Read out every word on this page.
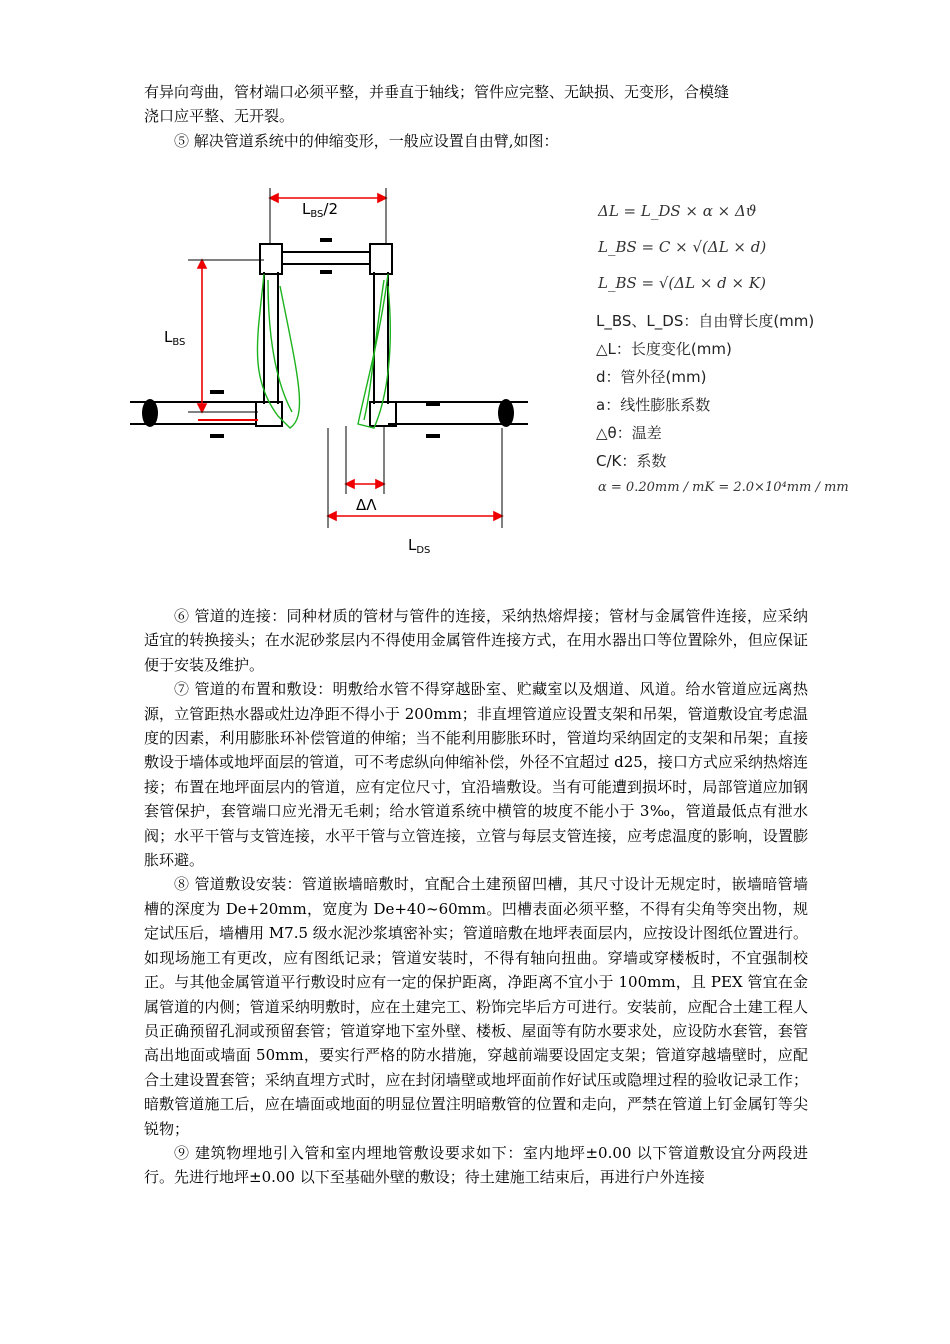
有异向弯曲，管材端口必须平整，并垂直于轴线；管件应完整、无缺损、无变形，合模缝

浇口应平整、无开裂。

⑤ 解决管道系统中的伸缩变形，一般应设置自由臂,如图：

$L_{BS}/2$
$L_{BS}$
ΔΛ
$L_{DS}$
ΔL = L_DS × α × Δϑ
L_BS = C × √(ΔL × d)
L_BS = √(ΔL × d × K)
L_BS、L_DS：自由臂长度(mm)
△L：长度变化(mm)
d：管外径(mm)
a：线性膨胀系数
△θ：温差
C/K：系数
α = 0.20mm / mK = 2.0×10⁴mm / mm

⑥ 管道的连接：同种材质的管材与管件的连接，采纳热熔焊接；管材与金属管件连接，应采纳适宜的转换接头；在水泥砂浆层内不得使用金属管件连接方式，在用水器出口等位置除外，但应保证便于安装及维护。

⑦ 管道的布置和敷设：明敷给水管不得穿越卧室、贮藏室以及烟道、风道。给水管道应远离热源，立管距热水器或灶边净距不得小于 200mm；非直埋管道应设置支架和吊架，管道敷设宜考虑温度的因素，利用膨胀环补偿管道的伸缩；当不能利用膨胀环时，管道均采纳固定的支架和吊架；直接敷设于墙体或地坪面层的管道，可不考虑纵向伸缩补偿，外径不宜超过 d25，接口方式应采纳热熔连接；布置在地坪面层内的管道，应有定位尺寸，宜沿墙敷设。当有可能遭到损坏时，局部管道应加钢套管保护，套管端口应光滑无毛刺；给水管道系统中横管的坡度不能小于 3‰，管道最低点有泄水阀；水平干管与支管连接，水平干管与立管连接，立管与每层支管连接，应考虑温度的影响，设置膨胀环避。

⑧ 管道敷设安装：管道嵌墙暗敷时，宜配合土建预留凹槽，其尺寸设计无规定时，嵌墙暗管墙槽的深度为 De+20mm，宽度为 De+40~60mm。凹槽表面必须平整，不得有尖角等突出物，规定试压后，墙槽用 M7.5 级水泥沙浆填密补实；管道暗敷在地坪表面层内，应按设计图纸位置进行。如现场施工有更改，应有图纸记录；管道安装时，不得有轴向扭曲。穿墙或穿楼板时，不宜强制校正。与其他金属管道平行敷设时应有一定的保护距离，净距离不宜小于 100mm，且 PEX 管宜在金属管道的内侧；管道采纳明敷时，应在土建完工、粉饰完毕后方可进行。安装前，应配合土建工程人员正确预留孔洞或预留套管；管道穿地下室外壁、楼板、屋面等有防水要求处，应设防水套管，套管高出地面或墙面 50mm，要实行严格的防水措施，穿越前端要设固定支架；管道穿越墙壁时，应配合土建设置套管；采纳直埋方式时，应在封闭墙壁或地坪面前作好试压或隐埋过程的验收记录工作；暗敷管道施工后，应在墙面或地面的明显位置注明暗敷管的位置和走向，严禁在管道上钉金属钉等尖锐物；

⑨ 建筑物埋地引入管和室内埋地管敷设要求如下：室内地坪±0.00 以下管道敷设宜分两段进行。先进行地坪±0.00 以下至基础外壁的敷设；待土建施工结束后，再进行户外连接
